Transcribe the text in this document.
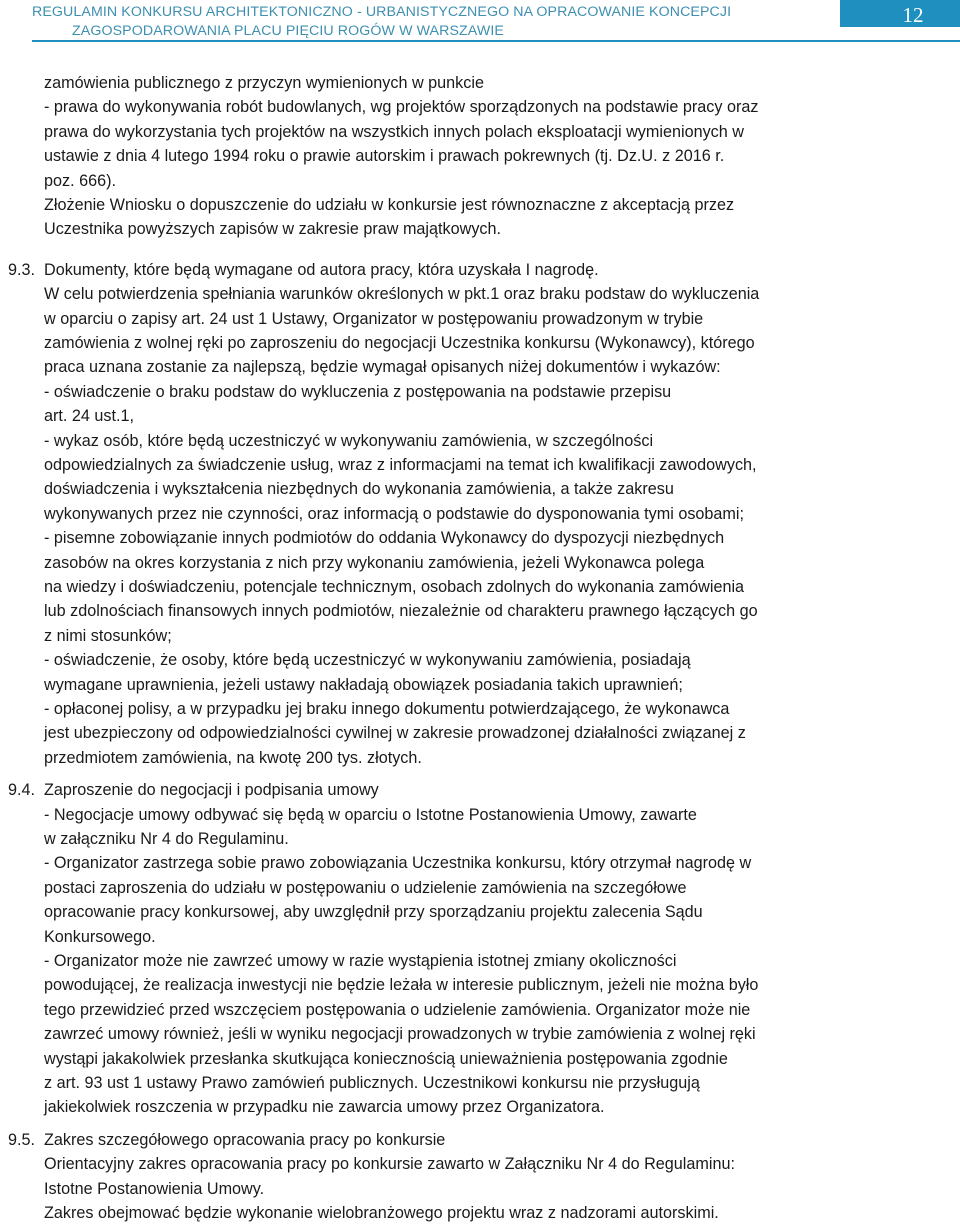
REGULAMIN KONKURSU ARCHITEKTONICZNO - URBANISTYCZNEGO NA OPRACOWANIE KONCEPCJI
ZAGOSPODAROWANIA PLACU PIĘCIU ROGÓW W WARSZAWIE
12
zamówienia publicznego z przyczyn wymienionych w punkcie
- prawa do wykonywania robót budowlanych, wg projektów sporządzonych na podstawie pracy oraz
prawa do wykorzystania tych projektów na wszystkich innych polach eksploatacji wymienionych w
ustawie z dnia 4 lutego 1994 roku o prawie autorskim i prawach pokrewnych (tj. Dz.U. z 2016 r.
poz. 666).
Złożenie Wniosku o dopuszczenie do udziału w konkursie jest równoznaczne z akceptacją przez
Uczestnika powyższych zapisów w zakresie praw majątkowych.
9.3. Dokumenty, które będą wymagane od autora pracy, która uzyskała I nagrodę.
W celu potwierdzenia spełniania warunków określonych w pkt.1 oraz braku podstaw do wykluczenia
w oparciu o zapisy art. 24 ust 1 Ustawy, Organizator w postępowaniu prowadzonym w trybie
zamówienia z wolnej ręki po zaproszeniu do negocjacji Uczestnika konkursu (Wykonawcy), którego
praca uznana zostanie za najlepszą, będzie wymagał opisanych niżej dokumentów i wykazów:
- oświadczenie o braku podstaw do wykluczenia z postępowania na podstawie przepisu
art. 24 ust.1,
- wykaz osób, które będą uczestniczyć w wykonywaniu zamówienia, w szczególności
odpowiedzialnych za świadczenie usług, wraz z informacjami na temat ich kwalifikacji zawodowych,
doświadczenia i wykształcenia niezbędnych do wykonania zamówienia, a także zakresu
wykonywanych przez nie czynności, oraz informacją o podstawie do dysponowania tymi osobami;
- pisemne zobowiązanie innych podmiotów do oddania Wykonawcy do dyspozycji niezbędnych
zasobów na okres korzystania z nich przy wykonaniu zamówienia, jeżeli Wykonawca polega
na wiedzy i doświadczeniu, potencjale technicznym, osobach zdolnych do wykonania zamówienia
lub zdolnościach finansowych innych podmiotów, niezależnie od charakteru prawnego łączących go
z nimi stosunków;
- oświadczenie, że osoby, które będą uczestniczyć w wykonywaniu zamówienia, posiadają
wymagane uprawnienia, jeżeli ustawy nakładają obowiązek posiadania takich uprawnień;
- opłaconej polisy, a w przypadku jej braku innego dokumentu potwierdzającego, że wykonawca
jest ubezpieczony od odpowiedzialności cywilnej w zakresie prowadzonej działalności związanej z
przedmiotem zamówienia, na kwotę 200 tys. złotych.
9.4. Zaproszenie do negocjacji i podpisania umowy
- Negocjacje umowy odbywać się będą w oparciu o Istotne Postanowienia Umowy, zawarte
w załączniku Nr 4 do Regulaminu.
- Organizator zastrzega sobie prawo zobowiązania Uczestnika konkursu, który otrzymał nagrodę w
postaci zaproszenia do udziału w postępowaniu o udzielenie zamówienia na szczegółowe
opracowanie pracy konkursowej, aby uwzględnił przy sporządzaniu projektu zalecenia Sądu
Konkursowego.
- Organizator może nie zawrzeć umowy w razie wystąpienia istotnej zmiany okoliczności
powodującej, że realizacja inwestycji nie będzie leżała w interesie publicznym, jeżeli nie można było
tego przewidzieć przed wszczęciem postępowania o udzielenie zamówienia. Organizator może nie
zawrzeć umowy również, jeśli w wyniku negocjacji prowadzonych w trybie zamówienia z wolnej ręki
wystąpi jakakolwiek przesłanka skutkująca koniecznością unieważnienia postępowania zgodnie
z art. 93 ust 1 ustawy Prawo zamówień publicznych. Uczestnikowi konkursu nie przysługują
jakiekolwiek roszczenia w przypadku nie zawarcia umowy przez Organizatora.
9.5. Zakres szczegółowego opracowania pracy po konkursie
Orientacyjny zakres opracowania pracy po konkursie zawarto w Załączniku Nr 4 do Regulaminu:
Istotne Postanowienia Umowy.
Zakres obejmować będzie wykonanie wielobranżowego projektu wraz z nadzorami autorskimi.
